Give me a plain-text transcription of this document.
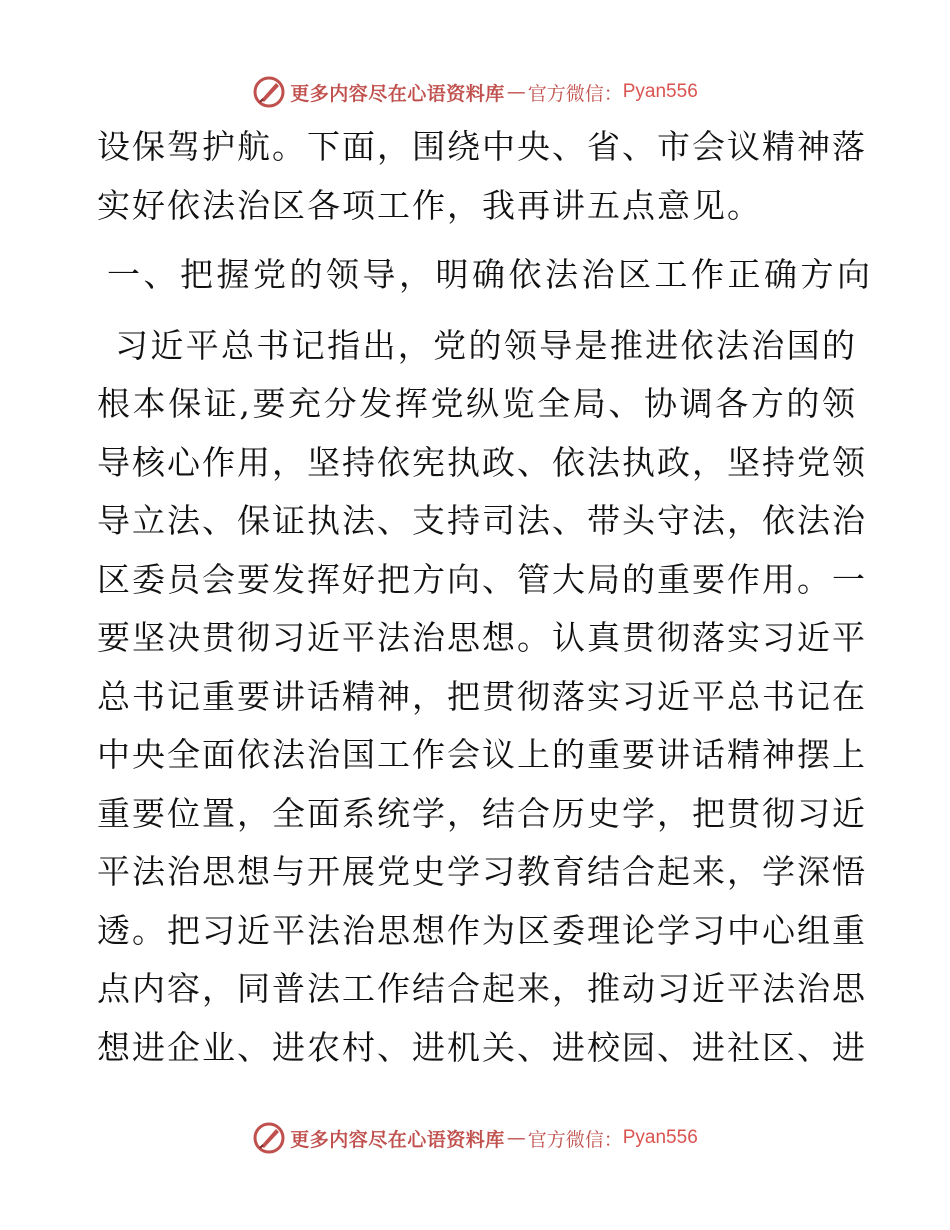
更多内容尽在心语资料库 — 官方微信： Pyan556
设保驾护航。下面，围绕中央、省、市会议精神落
实好依法治区各项工作，我再讲五点意见。
一、把握党的领导，明确依法治区工作正确方向
习近平总书记指出，党的领导是推进依法治国的
根本保证,要充分发挥党纵览全局、协调各方的领
导核心作用，坚持依宪执政、依法执政，坚持党领
导立法、保证执法、支持司法、带头守法，依法治
区委员会要发挥好把方向、管大局的重要作用。一
要坚决贯彻习近平法治思想。认真贯彻落实习近平
总书记重要讲话精神，把贯彻落实习近平总书记在
中央全面依法治国工作会议上的重要讲话精神摆上
重要位置，全面系统学，结合历史学，把贯彻习近
平法治思想与开展党史学习教育结合起来，学深悟
透。把习近平法治思想作为区委理论学习中心组重
点内容，同普法工作结合起来，推动习近平法治思
想进企业、进农村、进机关、进校园、进社区、进
更多内容尽在心语资料库 — 官方微信： Pyan556
